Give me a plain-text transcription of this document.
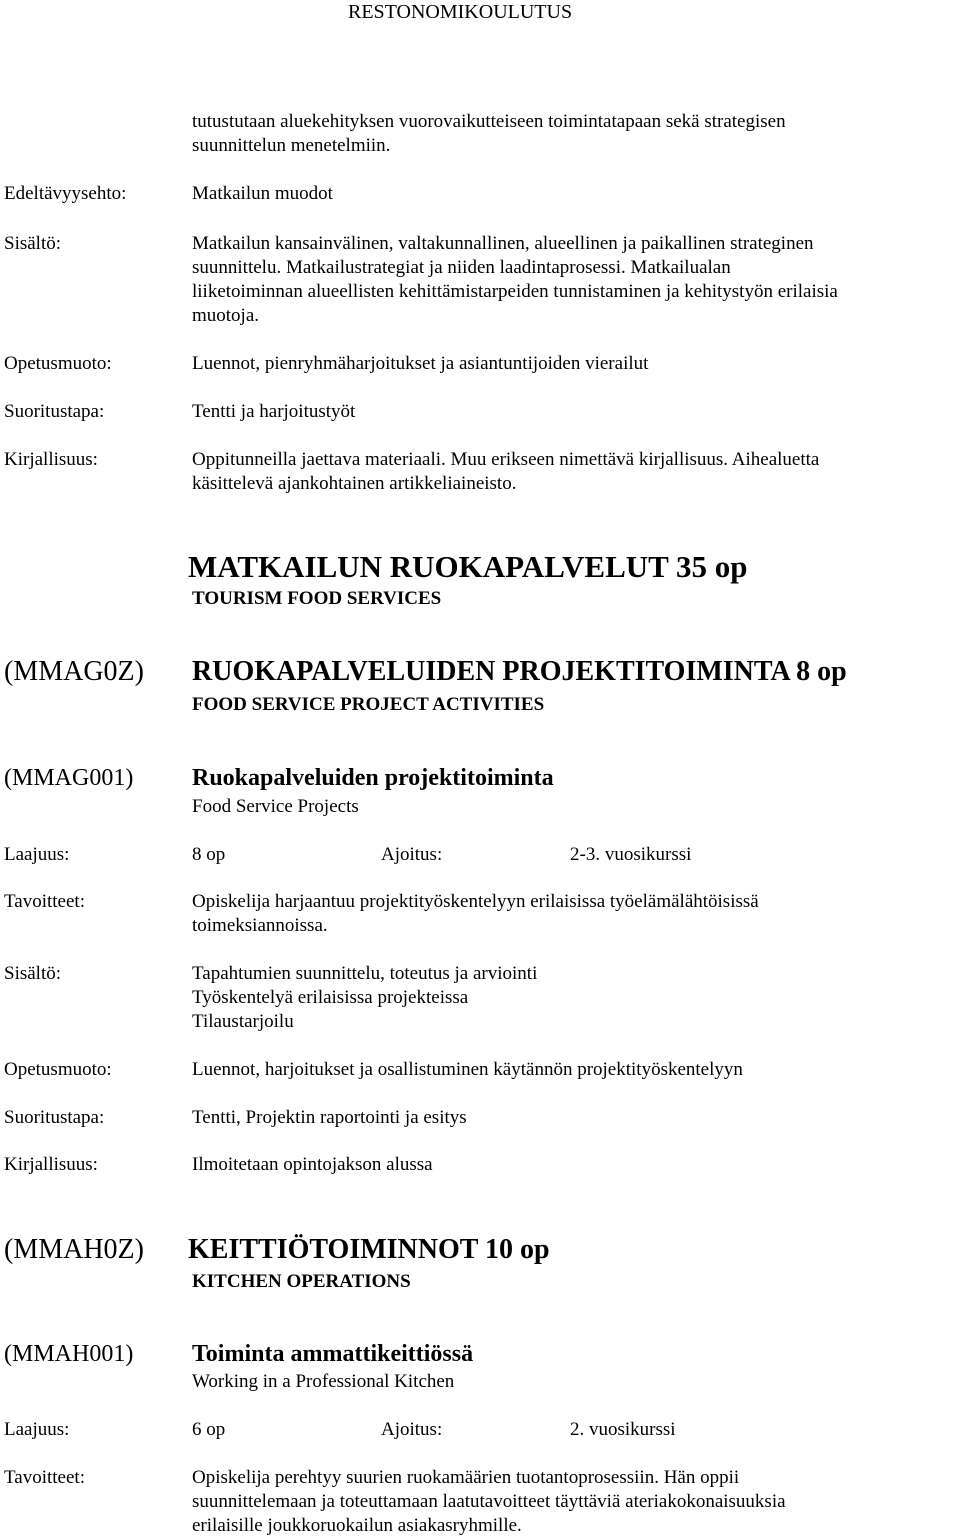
RESTONOMIKOULUTUS
tutustutaan aluekehityksen vuorovaikutteiseen toimintatapaan sekä strategisen
suunnittelun menetelmiin.
Edeltävyysehto:	Matkailun muodot
Sisältö:	Matkailun kansainvälinen, valtakunnallinen, alueellinen ja paikallinen strateginen
suunnittelu. Matkailustrategiat ja niiden laadintaprosessi. Matkailualan
liiketoiminnan alueellisten kehittämistarpeiden tunnistaminen ja kehitystyön erilaisia
muotoja.
Opetusmuoto:	Luennot, pienryhmäharjoitukset ja asiantuntijoiden vierailut
Suoritustapa:	Tentti ja harjoitustyöt
Kirjallisuus:	Oppitunneilla jaettava materiaali. Muu erikseen nimettävä kirjallisuus. Aihealuetta
käsittelevä ajankohtainen artikkeliaineisto.
MATKAILUN RUOKAPALVELUT 35 op
TOURISM FOOD SERVICES
(MMAG0Z) RUOKAPALVELUIDEN PROJEKTITOIMINTA 8 op
FOOD SERVICE PROJECT ACTIVITIES
(MMAG001) Ruokapalveluiden projektitoiminta
Food Service Projects
Laajuus:	8 op	Ajoitus:	2-3. vuosikurssi
Tavoitteet:	Opiskelija harjaantuu projektityöskentelyyn erilaisissa työelämälähtöisissä
toimeksiannoissa.
Sisältö:	Tapahtumien suunnittelu, toteutus ja arviointi
Työskentelyä erilaisissa projekteissa
Tilaustarjoilu
Opetusmuoto:	Luennot, harjoitukset ja osallistuminen käytännön projektityöskentelyyn
Suoritustapa:	Tentti, Projektin raportointi ja esitys
Kirjallisuus:	Ilmoitetaan opintojakson alussa
(MMAH0Z) KEITTIÖTOIMINNOT 10 op
KITCHEN OPERATIONS
(MMAH001) Toiminta ammattikeittiössä
Working in a Professional Kitchen
Laajuus:	6 op	Ajoitus:	2. vuosikurssi
Tavoitteet:	Opiskelija perehtyy suurien ruokamäärien tuotantoprosessiin. Hän oppii
suunnittelemaan ja toteuttamaan laatutavoitteet täyttäviä ateriakokonaisuuksia
erilaisille joukkoruokailun asiakasryhmille.
